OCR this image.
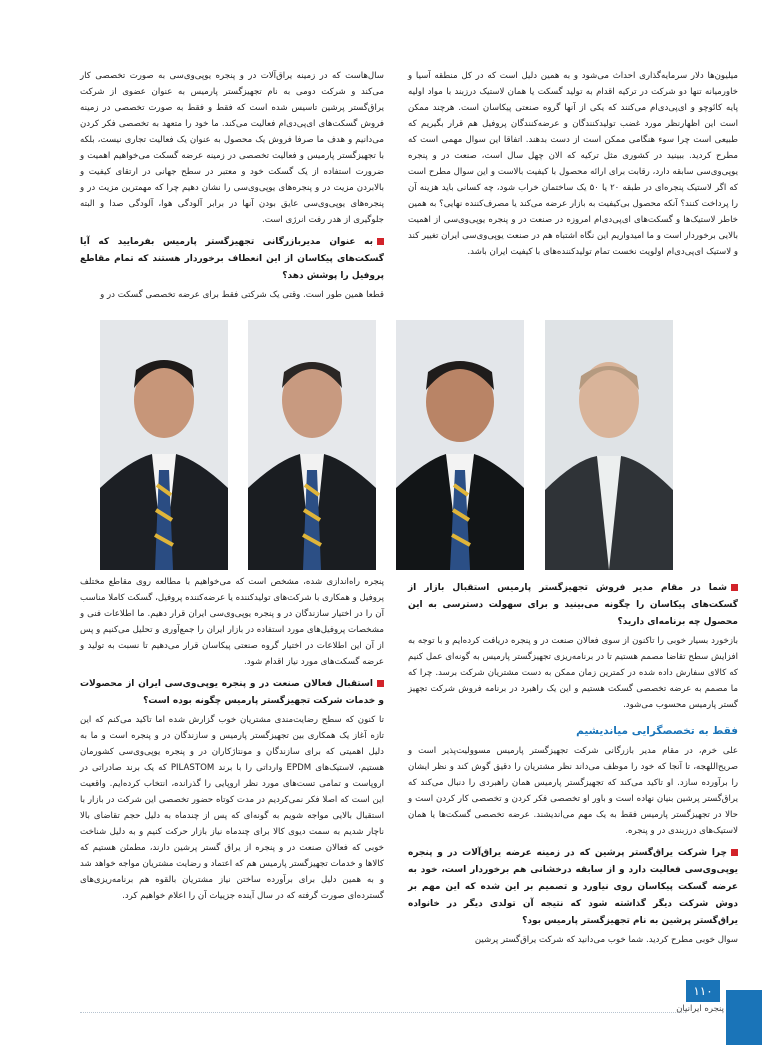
میلیون‌ها دلار سرمایه‌گذاری احداث می‌شود و به همین دلیل است که در کل منطقه آسیا و خاورمیانه تنها دو شرکت در ترکیه اقدام به تولید گسکت یا همان لاستیک درزبند با مواد اولیه پایه کائوچو و ای‌پی‌دی‌ام می‌کنند که یکی از آنها گروه صنعتی پیکاسان است. هرچند ممکن است این اظهارنظر مورد غضب تولیدکنندگان و عرضه‌کنندگان پروفیل هم قرار بگیریم که طبیعی است چرا سوء هنگامی ممکن است از دست بدهند. اتفاقا این سوال مهمی است که مطرح کردید. ببینید در کشوری مثل ترکیه که الان چهل سال است، صنعت در و پنجره یوپی‌وی‌سی سابقه دارد، رقابت برای ارائه محصول با کیفیت بالاست و این سوال مطرح است که اگر لاستیک پنجره‌ای در طبقه ۲۰ یا ۵۰ یک ساختمان خراب شود، چه کسانی باید هزینه آن را پرداخت کنند؟ آنکه محصول بی‌کیفیت به بازار عرضه می‌کند یا مصرف‌کننده نهایی؟ به همین خاطر لاستیک‌ها و گسکت‌های ای‌پی‌دی‌ام امروزه در صنعت در و پنجره یوپی‌وی‌سی از اهمیت بالایی برخوردار است و ما امیدواریم این نگاه اشتباه هم در صنعت یوپی‌وی‌سی ایران تغییر کند و لاستیک ای‌پی‌دی‌ام اولویت نخست تمام تولیدکننده‌های با کیفیت ایران باشد.

سال‌هاست که در زمینه یراق‌آلات در و پنجره یوپی‌وی‌سی به صورت تخصصی کار می‌کند و شرکت دومی به نام تجهیزگستر پارمیس به عنوان عضوی از شرکت یراق‌گستر پرشین تاسیس شده است که فقط و فقط به صورت تخصصی در زمینه فروش گسکت‌های ای‌پی‌دی‌ام فعالیت می‌کند. ما خود را متعهد به تخصصی فکر کردن می‌دانیم و هدف ما صرفا فروش یک محصول به عنوان یک فعالیت تجاری نیست، بلکه با تجهیزگستر پارمیس و فعالیت تخصصی در زمینه عرضه گسکت می‌خواهیم اهمیت و ضرورت استفاده از یک گسکت خود و معتبر در سطح جهانی در ارتقای کیفیت و بالابردن مزیت در و پنجره‌های یوپی‌وی‌سی را نشان دهیم چرا که مهمترین مزیت در و پنجره‌های یوپی‌وی‌سی عایق بودن آنها در برابر آلودگی هوا، آلودگی صدا و البته جلوگیری از هدر رفت انرژی است.

به عنوان مدیربازرگانی تجهیزگستر پارمیس بفرمایید که آیا گسکت‌های پیکاسان از این انعطاف برخوردار هستند که تمام مقاطع پروفیل را پوشش دهد؟

قطعا همین طور است. وقتی یک شرکتی فقط برای عرضه تخصصی گسکت در و

شما در مقام مدیر فروش تجهیزگستر پارمیس استقبال بازار از گسکت‌های پیکاسان را چگونه می‌بینید و برای سهولت دسترسی به این محصول چه برنامه‌ای دارید؟

بازخورد بسیار خوبی را تاکنون از سوی فعالان صنعت در و پنجره دریافت کرده‌ایم و با توجه به افزایش سطح تقاضا مصمم هستیم تا در برنامه‌ریزی تجهیزگستر پارمیس به گونه‌ای عمل کنیم که کالای سفارش داده شده در کمترین زمان ممکن به دست مشتریان شرکت برسد. چرا که ما مصمم به عرضه تخصصی گسکت هستیم و این یک راهبرد در برنامه فروش شرکت تجهیز گستر پارمیس محسوب می‌شود.

فقط به تخصصگرایی میاندیشیم

علی خرم، در مقام مدیر بازرگانی شرکت تجهیزگستر پارمیس مسوولیت‌پذیر است و صریح‌اللهجه، تا آنجا که خود را موظف می‌داند نظر مشتریان را دقیق گوش کند و نظر ایشان را برآورده سازد. او تاکید می‌کند که تجهیزگستر پارمیس همان راهبردی را دنبال می‌کند که یراق‌گستر پرشین بنیان نهاده است و باور او تخصصی فکر کردن و تخصصی کار کردن است و حالا در تجهیزگستر پارمیس فقط به یک مهم می‌اندیشند. عرضه تخصصی گسکت‌ها یا همان لاستیک‌های درزبندی در و پنجره.

چرا شرکت یراق‌گستر پرشین که در زمینه عرضه یراق‌آلات در و پنجره یوپی‌وی‌سی فعالیت دارد و از سابقه درخشانی هم برخوردار است، خود به عرضه گسکت پیکاسان روی نیاورد و تصمیم بر این شده که این مهم بر دوش شرکت دیگر گذاشته شود که نتیجه آن تولدی دیگر در خانواده یراق‌گستر پرشین به نام تجهیزگستر پارمیس بود؟

سوال خوبی مطرح کردید. شما خوب می‌دانید که شرکت یراق‌گستر پرشین

پنجره راه‌اندازی شده، مشخص است که می‌خواهیم با مطالعه روی مقاطع مختلف پروفیل و همکاری با شرکت‌های تولیدکننده یا عرضه‌کننده پروفیل، گسکت کاملا مناسب آن را در اختیار سازندگان در و پنجره یوپی‌وی‌سی ایران قرار دهیم. ما اطلاعات فنی و مشخصات پروفیل‌های مورد استفاده در بازار ایران را جمع‌آوری و تحلیل می‌کنیم و پس از آن این اطلاعات در اختیار گروه صنعتی پیکاسان قرار می‌دهیم تا نسبت به تولید و عرضه گسکت‌های مورد نیاز اقدام شود.

استقبال فعالان صنعت در و پنجره یوپی‌وی‌سی ایران از محصولات و خدمات شرکت تجهیزگستر پارمیس چگونه بوده است؟

تا کنون که سطح رضایت‌مندی مشتریان خوب گزارش شده اما تاکید می‌کنم که این تازه آغاز یک همکاری بین تجهیزگستر پارمیس و سازندگان در و پنجره است و ما به دلیل اهمیتی که برای سازندگان و مونتاژکاران در و پنجره یوپی‌وی‌سی کشورمان هستیم، لاستیک‌های EPDM وارداتی را با برند PILASTOM که یک برند صادراتی در اروپاست و تمامی تست‌های مورد نظر اروپایی را گذرانده، انتخاب کرده‌ایم. واقعیت این است که اصلا فکر نمی‌کردیم در مدت کوتاه حضور تخصصی این شرکت در بازار با استقبال بالایی مواجه شویم به گونه‌ای که پس از چندماه به دلیل حجم تقاضای بالا ناچار شدیم به سمت دیوی کالا برای چندماه نیاز بازار حرکت کنیم و به دلیل شناخت خوبی که فعالان صنعت در و پنجره از یراق گستر پرشین دارند، مطمئن هستیم که کالاها و خدمات تجهیزگستر پارمیس هم که اعتماد و رضایت مشتریان مواجه خواهد شد و به همین دلیل برای برآورده ساختن نیاز مشتریان بالقوه هم برنامه‌ریزی‌های گسترده‌ای صورت گرفته که در سال آینده جزییات آن را اعلام خواهیم کرد.

۱۱۰
پنجره ایرانیان
